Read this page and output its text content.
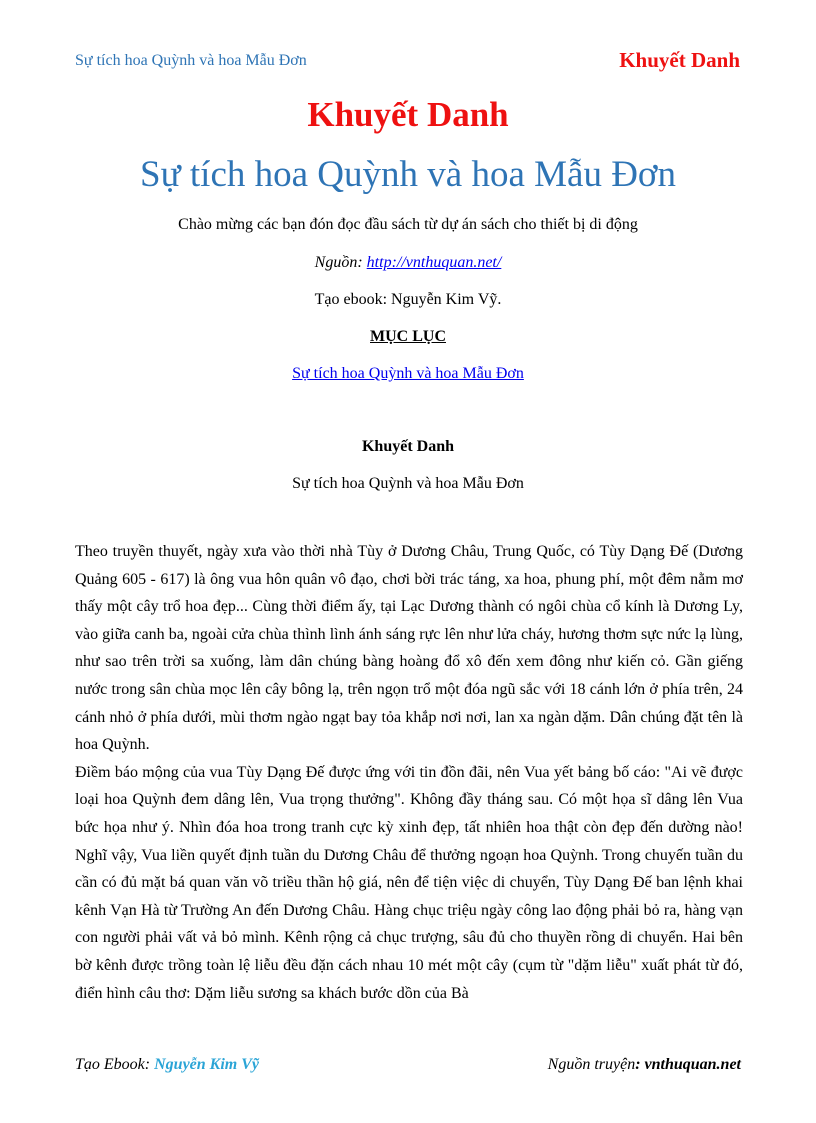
Sự tích hoa Quỳnh và hoa Mẫu Đơn	Khuyết Danh
Khuyết Danh
Sự tích hoa Quỳnh và hoa Mẫu Đơn
Chào mừng các bạn đón đọc đầu sách từ dự án sách cho thiết bị di động
Nguồn: http://vnthuquan.net/
Tạo ebook: Nguyễn Kim Vỹ.
MỤC LỤC
Sự tích hoa Quỳnh và hoa Mẫu Đơn
Khuyết Danh
Sự tích hoa Quỳnh và hoa Mẫu Đơn

Theo truyền thuyết, ngày xưa vào thời nhà Tùy ở Dương Châu, Trung Quốc, có Tùy Dạng Đế (Dương Quảng 605 - 617) là ông vua hôn quân vô đạo, chơi bời trác táng, xa hoa, phung phí, một đêm nằm mơ thấy một cây trổ hoa đẹp... Cùng thời điểm ấy, tại Lạc Dương thành có ngôi chùa cổ kính là Dương Ly, vào giữa canh ba, ngoài cửa chùa thình lình ánh sáng rực lên như lửa cháy, hương thơm sực nức lạ lùng, như sao trên trời sa xuống, làm dân chúng bàng hoàng đổ xô đến xem đông như kiến cỏ. Gần giếng nước trong sân chùa mọc lên cây bông lạ, trên ngọn trổ một đóa ngũ sắc với 18 cánh lớn ở phía trên, 24 cánh nhỏ ở phía dưới, mùi thơm ngào ngạt bay tỏa khắp nơi nơi, lan xa ngàn dặm. Dân chúng đặt tên là hoa Quỳnh.

Điềm báo mộng của vua Tùy Dạng Đế được ứng với tin đồn đãi, nên Vua yết bảng bố cáo: "Ai vẽ được loại hoa Quỳnh đem dâng lên, Vua trọng thưởng". Không đầy tháng sau. Có một họa sĩ dâng lên Vua bức họa như ý. Nhìn đóa hoa trong tranh cực kỳ xinh đẹp, tất nhiên hoa thật còn đẹp đến dường nào! Nghĩ vậy, Vua liền quyết định tuần du Dương Châu để thưởng ngoạn hoa Quỳnh. Trong chuyến tuần du cần có đủ mặt bá quan văn võ triều thần hộ giá, nên để tiện việc di chuyển, Tùy Dạng Đế ban lệnh khai kênh Vạn Hà từ Trường An đến Dương Châu. Hàng chục triệu ngày công lao động phải bỏ ra, hàng vạn con người phải vất vả bỏ mình. Kênh rộng cả chục trượng, sâu đủ cho thuyền rồng di chuyển. Hai bên bờ kênh được trồng toàn lệ liễu đều đặn cách nhau 10 mét một cây (cụm từ "dặm liễu" xuất phát từ đó, điển hình câu thơ: Dặm liễu sương sa khách bước dồn của Bà

Tạo Ebook: Nguyễn Kim Vỹ	Nguồn truyện: vnthuquan.net
